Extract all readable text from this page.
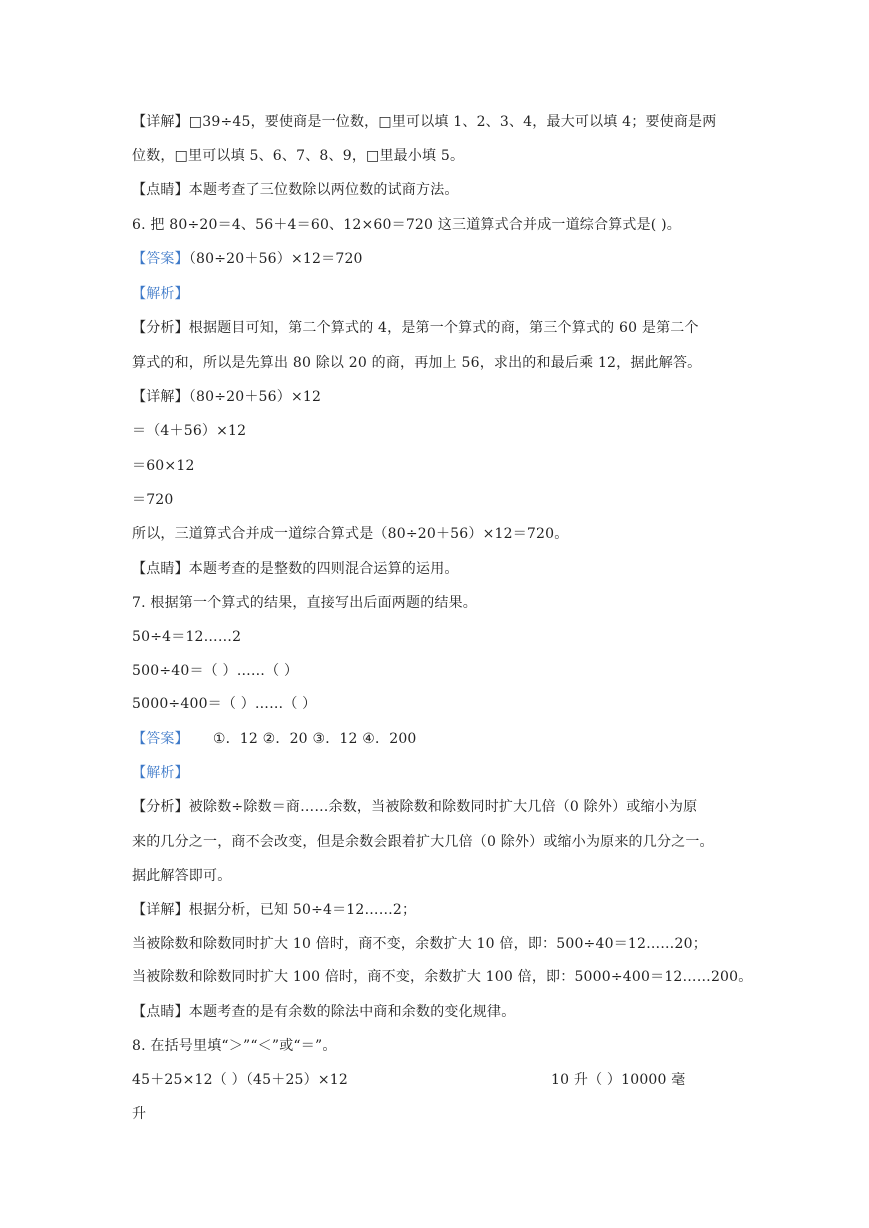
【详解】□39÷45，要使商是一位数，□里可以填 1、2、3、4，最大可以填 4；要使商是两
位数，□里可以填 5、6、7、8、9，□里最小填 5。
【点睛】本题考查了三位数除以两位数的试商方法。
6. 把 80÷20＝4、56＋4＝60、12×60＝720 这三道算式合并成一道综合算式是( )。
【答案】（80÷20＋56）×12＝720
【解析】
【分析】根据题目可知，第二个算式的 4，是第一个算式的商，第三个算式的 60 是第二个
算式的和，所以是先算出 80 除以 20 的商，再加上 56，求出的和最后乘 12，据此解答。
【详解】（80÷20＋56）×12
＝（4＋56）×12
＝60×12
＝720
所以，三道算式合并成一道综合算式是（80÷20＋56）×12＝720。
【点睛】本题考查的是整数的四则混合运算的运用。
7. 根据第一个算式的结果，直接写出后面两题的结果。
50÷4＝12……2
500÷40＝（ ）……（ ）
5000÷400＝（ ）……（ ）
【答案】 ①．12 ②．20 ③．12 ④．200
【解析】
【分析】被除数÷除数＝商……余数，当被除数和除数同时扩大几倍（0 除外）或缩小为原
来的几分之一，商不会改变，但是余数会跟着扩大几倍（0 除外）或缩小为原来的几分之一。
据此解答即可。
【详解】根据分析，已知 50÷4＝12……2；
当被除数和除数同时扩大 10 倍时，商不变，余数扩大 10 倍，即：500÷40＝12……20；
当被除数和除数同时扩大 100 倍时，商不变，余数扩大 100 倍，即：5000÷400＝12……200。
【点睛】本题考查的是有余数的除法中商和余数的变化规律。
8. 在括号里填“＞”“＜”或“＝”。
45＋25×12（ ）（45＋25）×12	10 升（ ）10000 毫
升
